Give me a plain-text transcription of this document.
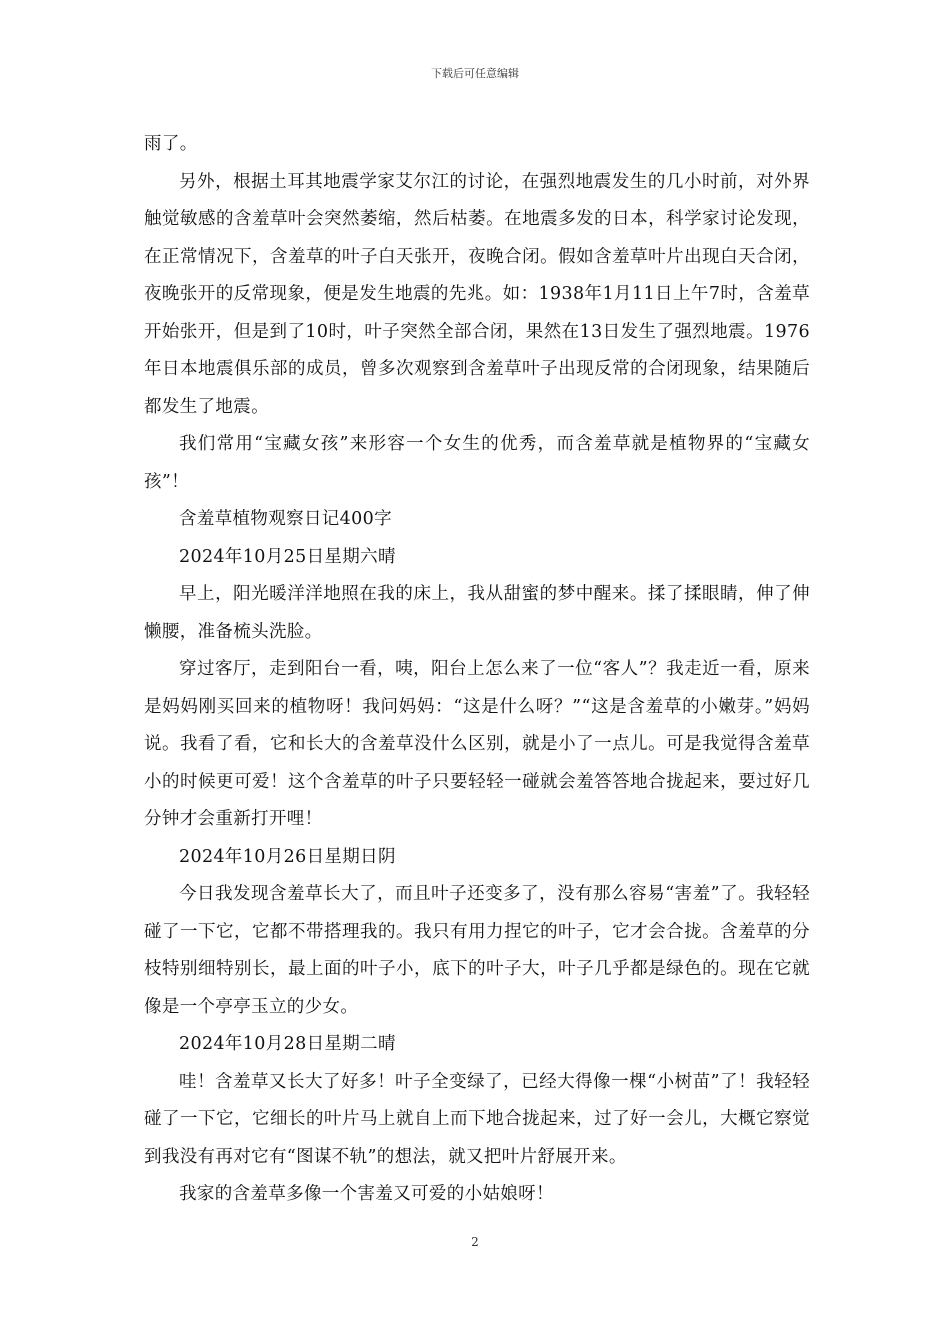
下载后可任意编辑

雨了。

另外，根据土耳其地震学家艾尔江的讨论，在强烈地震发生的几小时前，对外界触觉敏感的含羞草叶会突然萎缩，然后枯萎。在地震多发的日本，科学家讨论发现，在正常情况下，含羞草的叶子白天张开，夜晚合闭。假如含羞草叶片出现白天合闭，夜晚张开的反常现象，便是发生地震的先兆。如：1938年1月11日上午7时，含羞草开始张开，但是到了10时，叶子突然全部合闭，果然在13日发生了强烈地震。1976年日本地震俱乐部的成员，曾多次观察到含羞草叶子出现反常的合闭现象，结果随后都发生了地震。

我们常用“宝藏女孩”来形容一个女生的优秀，而含羞草就是植物界的“宝藏女孩”！

含羞草植物观察日记400字

2024年10月25日星期六晴

早上，阳光暖洋洋地照在我的床上，我从甜蜜的梦中醒来。揉了揉眼睛，伸了伸懒腰，准备梳头洗脸。

穿过客厅，走到阳台一看，咦，阳台上怎么来了一位“客人”？我走近一看，原来是妈妈刚买回来的植物呀！我问妈妈：“这是什么呀？”“这是含羞草的小嫩芽。”妈妈说。我看了看，它和长大的含羞草没什么区别，就是小了一点儿。可是我觉得含羞草小的时候更可爱！这个含羞草的叶子只要轻轻一碰就会羞答答地合拢起来，要过好几分钟才会重新打开哩！

2024年10月26日星期日阴

今日我发现含羞草长大了，而且叶子还变多了，没有那么容易“害羞”了。我轻轻碰了一下它，它都不带搭理我的。我只有用力捏它的叶子，它才会合拢。含羞草的分枝特别细特别长，最上面的叶子小，底下的叶子大，叶子几乎都是绿色的。现在它就像是一个亭亭玉立的少女。

2024年10月28日星期二晴

哇！含羞草又长大了好多！叶子全变绿了，已经大得像一棵“小树苗”了！我轻轻碰了一下它，它细长的叶片马上就自上而下地合拢起来，过了好一会儿，大概它察觉到我没有再对它有“图谋不轨”的想法，就又把叶片舒展开来。

我家的含羞草多像一个害羞又可爱的小姑娘呀！

2
